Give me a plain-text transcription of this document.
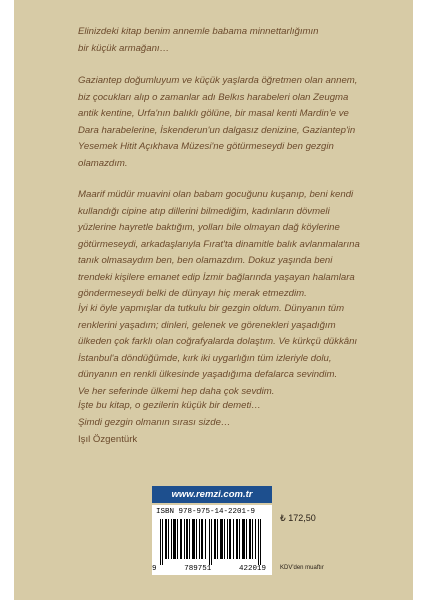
Elinizdeki kitap benim annemle babama minnettarlığımın
bir küçük armağanı…

Gaziantep doğumluyum ve küçük yaşlarda öğretmen olan annem,
biz çocukları alıp o zamanlar adı Belkıs harabeleri olan Zeugma
antik kentine, Urfa'nın balıklı gölüne, bir masal kenti Mardin'e ve
Dara harabelerine, İskenderun'un dalgasız denizine, Gaziantep'in
Yesemek Hitit Açıkhava Müzesi'ne götürmeseydi ben gezgin
olamazdım.

Maarif müdür muavini olan babam gocuğunu kuşanıp, beni kendi
kullandığı cipine atıp dillerini bilmediğim, kadınların dövmeli
yüzlerine hayretle baktığım, yolları bile olmayan dağ köylerine
götürmeseydi, arkadaşlarıyla Fırat'ta dinamitle balık avlanmalarına
tanık olmasaydım ben, ben olamazdım. Dokuz yaşında beni
trendeki kişilere emanet edip İzmir bağlarında yaşayan halamlara
göndermeseydi belki de dünyayı hiç merak etmezdim.

İyi ki öyle yapmışlar da tutkulu bir gezgin oldum. Dünyanın tüm
renklerini yaşadım; dinleri, gelenek ve görenekleri yaşadığım
ülkeden çok farklı olan coğrafyalarda dolaştım. Ve kürkçü dükkânı
İstanbul'a döndüğümde, kırk iki uygarlığın tüm izleriyle dolu,
dünyanın en renkli ülkesinde yaşadığıma defalarca sevindim.
Ve her seferinde ülkemi hep daha çok sevdim.

İşte bu kitap, o gezilerin küçük bir demeti…
Şimdi gezgin olmanın sırası sizde…

Işıl Özgentürk
www.remzi.com.tr
ISBN 978-975-14-2201-9
9	789751	422019
₺ 172,50
KDV'den muaftır
